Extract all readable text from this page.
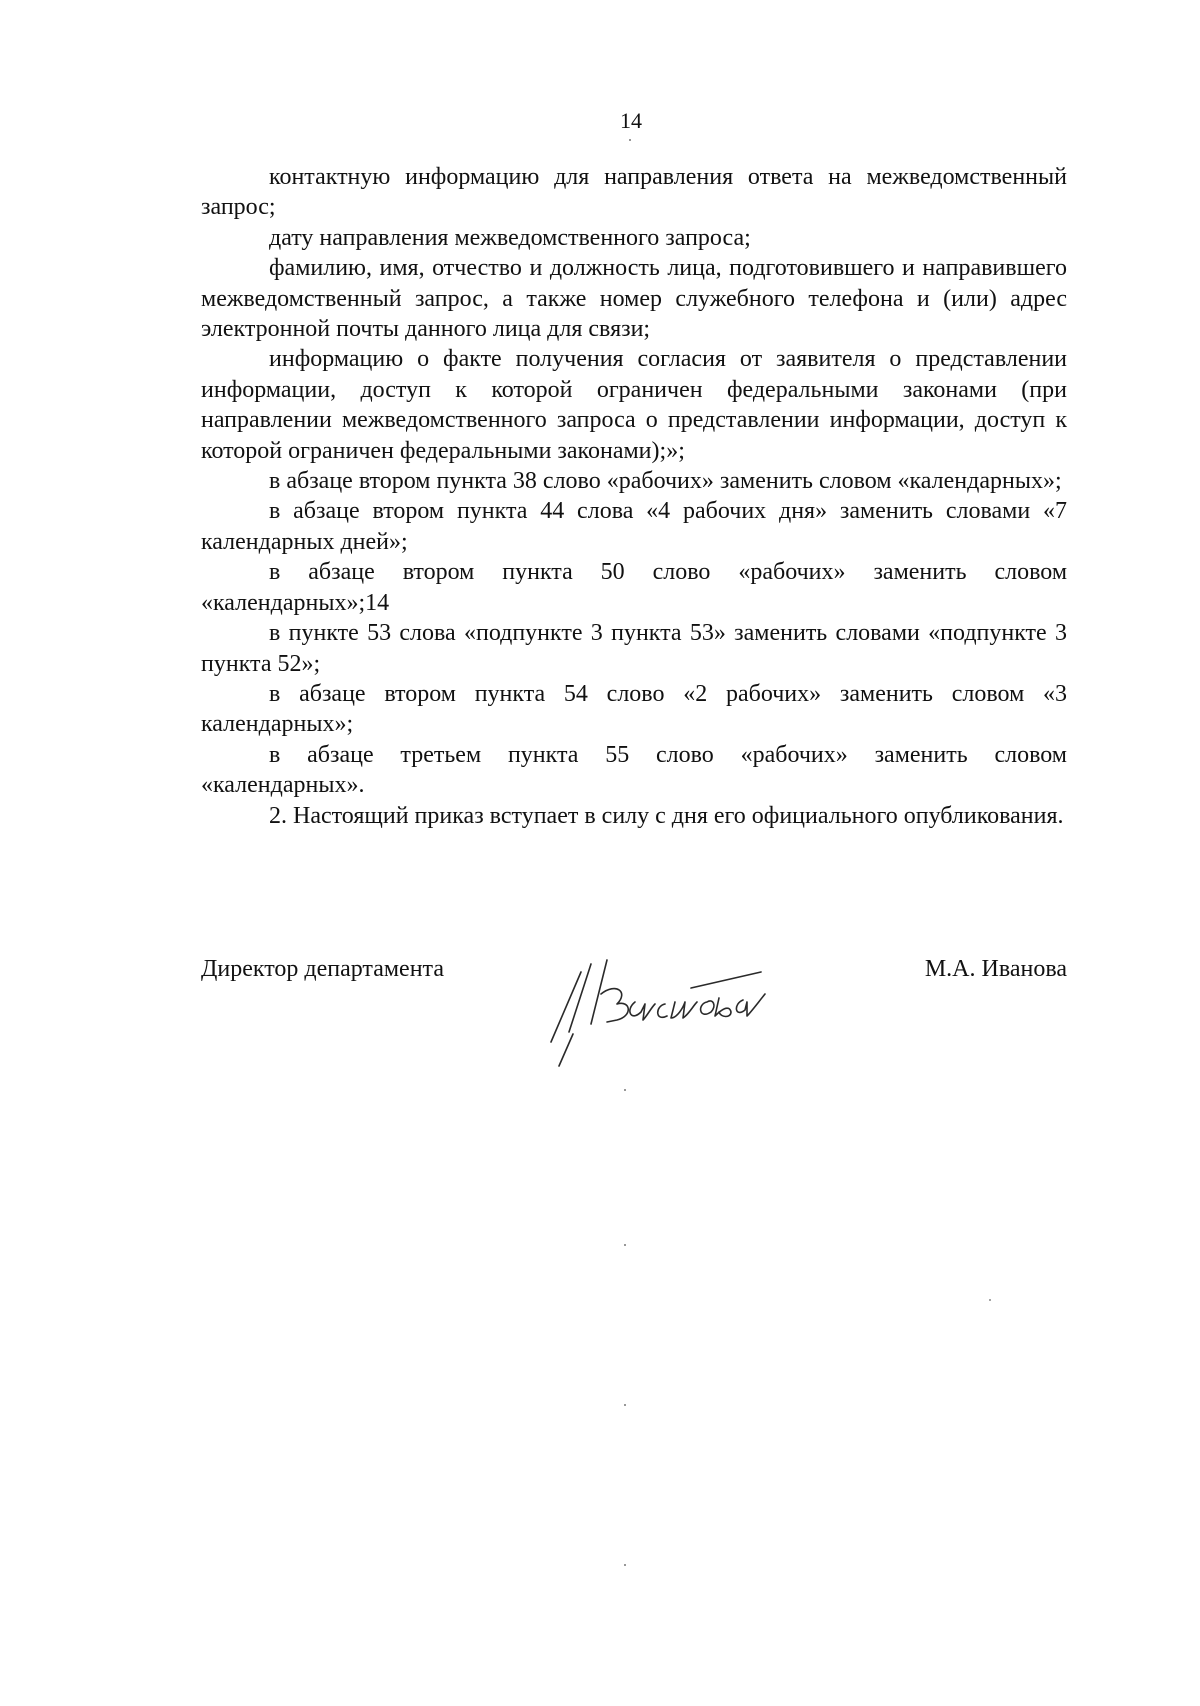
14

контактную информацию для направления ответа на межведомственный запрос;

дату направления межведомственного запроса;

фамилию, имя, отчество и должность лица, подготовившего и направившего межведомственный запрос, а также номер служебного телефона и (или) адрес электронной почты данного лица для связи;

информацию о факте получения согласия от заявителя о представлении информации, доступ к которой ограничен федеральными законами (при направлении межведомственного запроса о представлении информации, доступ к которой ограничен федеральными законами);»;

в абзаце втором пункта 38 слово «рабочих» заменить словом «календарных»;

в абзаце втором пункта 44 слова «4 рабочих дня» заменить словами «7 календарных дней»;

в абзаце втором пункта 50 слово «рабочих» заменить словом «календарных»;14

в пункте 53 слова «подпункте 3 пункта 53» заменить словами «подпункте 3 пункта 52»;

в абзаце втором пункта 54 слово «2 рабочих» заменить словом «3 календарных»;

в абзаце третьем пункта 55 слово «рабочих» заменить словом «календарных».

2. Настоящий приказ вступает в силу с дня его официального опубликования.

Директор департамента	М.А. Иванова
